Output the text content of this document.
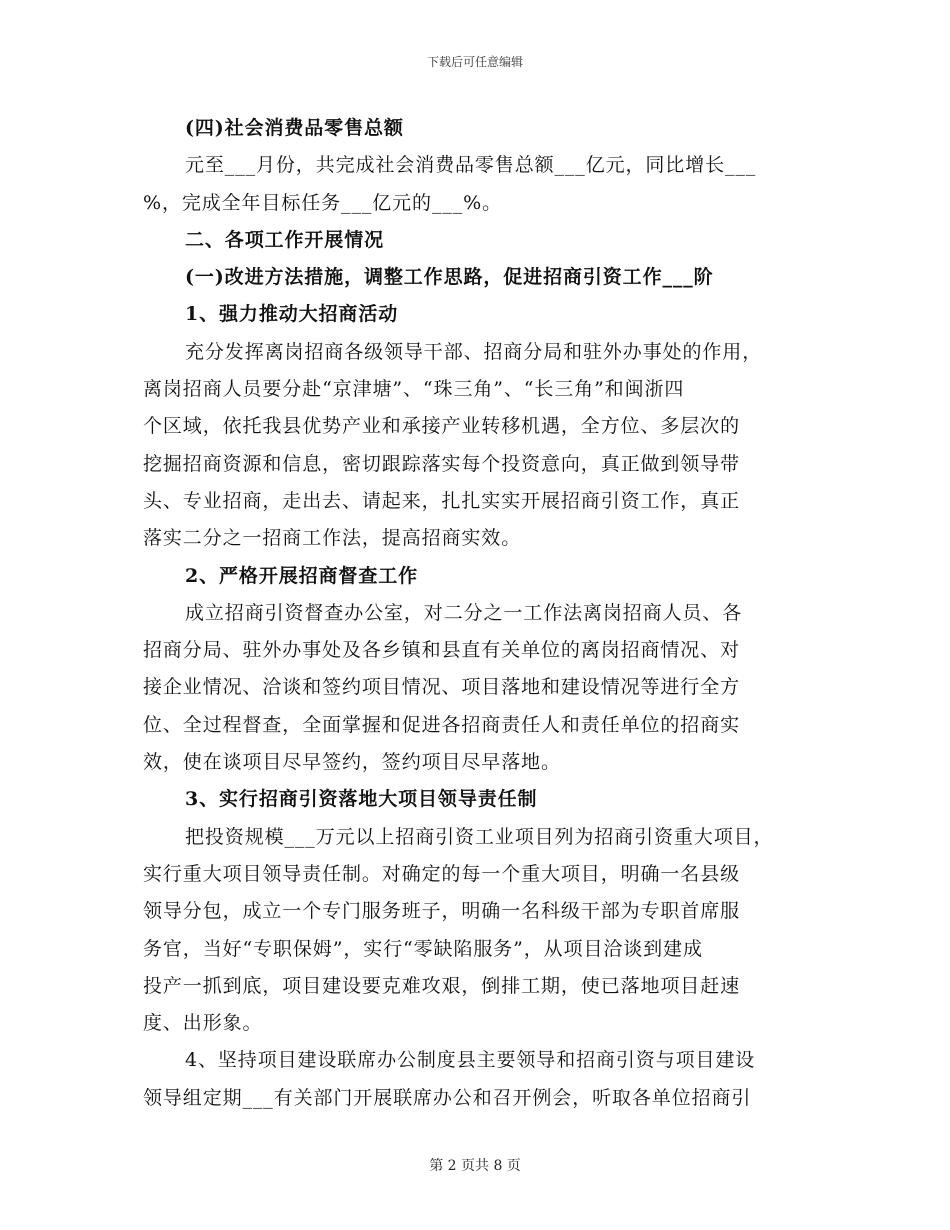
下载后可任意编辑
(四)社会消费品零售总额
元至___月份，共完成社会消费品零售总额___亿元，同比增长___
%，完成全年目标任务___亿元的___%。
二、各项工作开展情况
(一)改进方法措施，调整工作思路，促进招商引资工作___阶
1、强力推动大招商活动
充分发挥离岗招商各级领导干部、招商分局和驻外办事处的作用，
离岗招商人员要分赴“京津塘”、“珠三角”、“长三角”和闽浙四
个区域，依托我县优势产业和承接产业转移机遇，全方位、多层次的
挖掘招商资源和信息，密切跟踪落实每个投资意向，真正做到领导带
头、专业招商，走出去、请起来，扎扎实实开展招商引资工作，真正
落实二分之一招商工作法，提高招商实效。
2、严格开展招商督查工作
成立招商引资督查办公室，对二分之一工作法离岗招商人员、各
招商分局、驻外办事处及各乡镇和县直有关单位的离岗招商情况、对
接企业情况、洽谈和签约项目情况、项目落地和建设情况等进行全方
位、全过程督查，全面掌握和促进各招商责任人和责任单位的招商实
效，使在谈项目尽早签约，签约项目尽早落地。
3、实行招商引资落地大项目领导责任制
把投资规模___万元以上招商引资工业项目列为招商引资重大项目，
实行重大项目领导责任制。对确定的每一个重大项目，明确一名县级
领导分包，成立一个专门服务班子，明确一名科级干部为专职首席服
务官，当好“专职保姆”，实行“零缺陷服务”，从项目洽谈到建成
投产一抓到底，项目建设要克难攻艰，倒排工期，使已落地项目赶速
度、出形象。
4、坚持项目建设联席办公制度县主要领导和招商引资与项目建设
领导组定期___有关部门开展联席办公和召开例会，听取各单位招商引
第 2 页共 8 页
